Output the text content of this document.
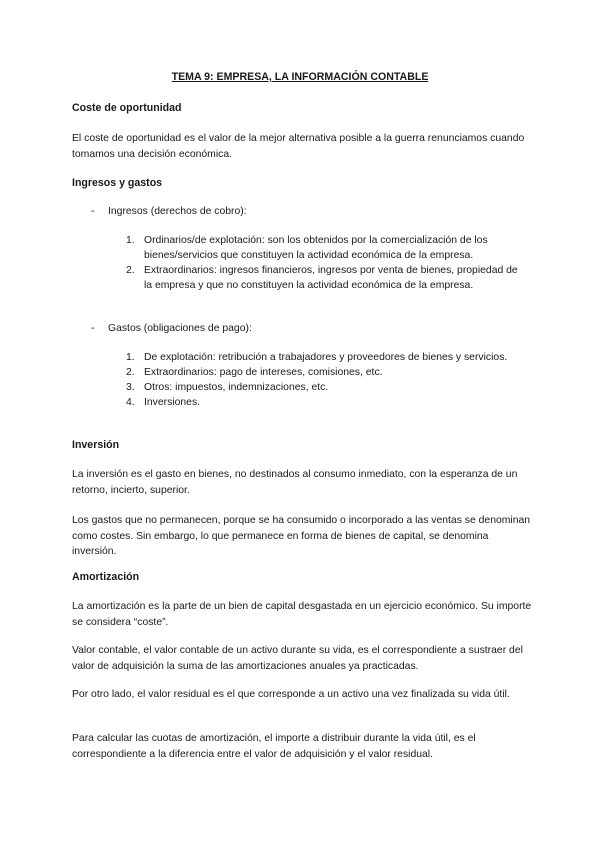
TEMA 9: EMPRESA, LA INFORMACIÓN CONTABLE
Coste de oportunidad

El coste de oportunidad es el valor de la mejor alternativa posible a la guerra renunciamos cuando tomamos una decisión económica.

Ingresos y gastos
- Ingresos (derechos de cobro):
1. Ordinarios/de explotación: son los obtenidos por la comercialización de los bienes/servicios que constituyen la actividad económica de la empresa.
2. Extraordinarios: ingresos financieros, ingresos por venta de bienes, propiedad de la empresa y que no constituyen la actividad económica de la empresa.
- Gastos (obligaciones de pago):
1. De explotación: retribución a trabajadores y proveedores de bienes y servicios.
2. Extraordinarios: pago de intereses, comisiones, etc.
3. Otros: impuestos, indemnizaciones, etc.
4. Inversiones.
Inversión

La inversión es el gasto en bienes, no destinados al consumo inmediato, con la esperanza de un retorno, incierto, superior.

Los gastos que no permanecen, porque se ha consumido o incorporado a las ventas se denominan como costes. Sin embargo, lo que permanece en forma de bienes de capital, se denomina inversión.

Amortización

La amortización es la parte de un bien de capital desgastada en un ejercicio económico. Su importe se considera “coste”.

Valor contable, el valor contable de un activo durante su vida, es el correspondiente a sustraer del valor de adquisición la suma de las amortizaciones anuales ya practicadas.

Por otro lado, el valor residual es el que corresponde a un activo una vez finalizada su vida útil.

Para calcular las cuotas de amortización, el importe a distribuir durante la vida útil, es el correspondiente a la diferencia entre el valor de adquisición y el valor residual.
